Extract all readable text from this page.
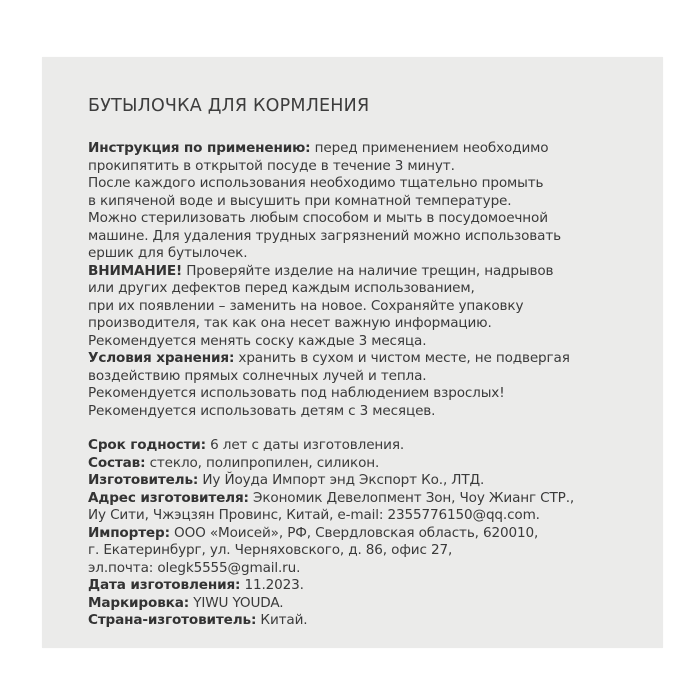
БУТЫЛОЧКА ДЛЯ КОРМЛЕНИЯ
Инструкция по применению: перед применением необходимо
прокипятить в открытой посуде в течение 3 минут.
После каждого использования необходимо тщательно промыть
в кипяченой воде и высушить при комнатной температуре.
Можно стерилизовать любым способом и мыть в посудомоечной
машине. Для удаления трудных загрязнений можно использовать
ершик для бутылочек.
ВНИМАНИЕ! Проверяйте изделие на наличие трещин, надрывов
или других дефектов перед каждым использованием,
при их появлении – заменить на новое. Сохраняйте упаковку
производителя, так как она несет важную информацию.
Рекомендуется менять соску каждые 3 месяца.
Условия хранения: хранить в сухом и чистом месте, не подвергая
воздействию прямых солнечных лучей и тепла.
Рекомендуется использовать под наблюдением взрослых!
Рекомендуется использовать детям с 3 месяцев.
Срок годности: 6 лет с даты изготовления.
Состав: стекло, полипропилен, силикон.
Изготовитель: Иу Йоуда Импорт энд Экспорт Ко., ЛТД.
Адрес изготовителя: Экономик Девелопмент Зон, Чоу Жианг СТР.,
Иу Сити, Чжэцзян Провинс, Китай, e-mail: 2355776150@qq.com.
Импортер: ООО «Моисей», РФ, Свердловская область, 620010,
г. Екатеринбург, ул. Черняховского, д. 86, офис 27,
эл.почта: olegk5555@gmail.ru.
Дата изготовления: 11.2023.
Маркировка: YIWU YOUDA.
Страна-изготовитель: Китай.
